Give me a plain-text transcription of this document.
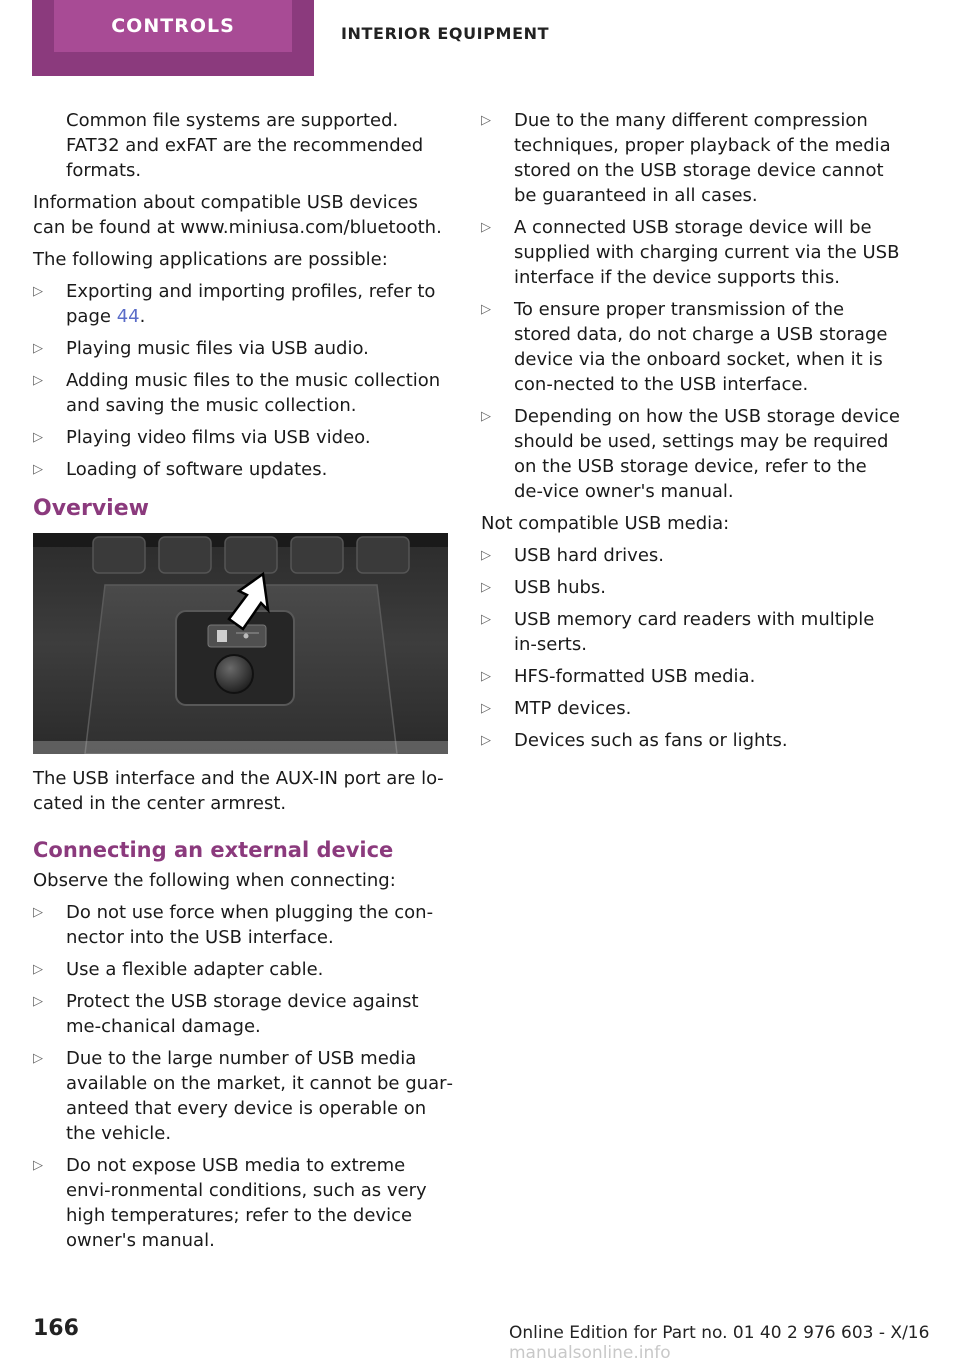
CONTROLS	INTERIOR EQUIPMENT

Common file systems are supported. FAT32 and exFAT are the recommended formats.

Information about compatible USB devices can be found at www.miniusa.com/bluetooth.

The following applications are possible:

▷ Exporting and importing profiles, refer to page 44.
▷ Playing music files via USB audio.
▷ Adding music files to the music collection and saving the music collection.
▷ Playing video films via USB video.
▷ Loading of software updates.
Overview

The USB interface and the AUX-IN port are lo‐cated in the center armrest.

Connecting an external device

Observe the following when connecting:

▷ Do not use force when plugging the con‐nector into the USB interface.
▷ Use a flexible adapter cable.
▷ Protect the USB storage device against me‐chanical damage.
▷ Due to the large number of USB media available on the market, it cannot be guar‐anteed that every device is operable on the vehicle.
▷ Do not expose USB media to extreme envi‐ronmental conditions, such as very high temperatures; refer to the device owner's manual.
▷ Due to the many different compression techniques, proper playback of the media stored on the USB storage device cannot be guaranteed in all cases.
▷ A connected USB storage device will be supplied with charging current via the USB interface if the device supports this.
▷ To ensure proper transmission of the stored data, do not charge a USB storage device via the onboard socket, when it is con‐nected to the USB interface.
▷ Depending on how the USB storage device should be used, settings may be required on the USB storage device, refer to the de‐vice owner's manual.

Not compatible USB media:

▷ USB hard drives.
▷ USB hubs.
▷ USB memory card readers with multiple in‐serts.
▷ HFS-formatted USB media.
▷ MTP devices.
▷ Devices such as fans or lights.
166	Online Edition for Part no. 01 40 2 976 603 - X/16 manualsonline.info
